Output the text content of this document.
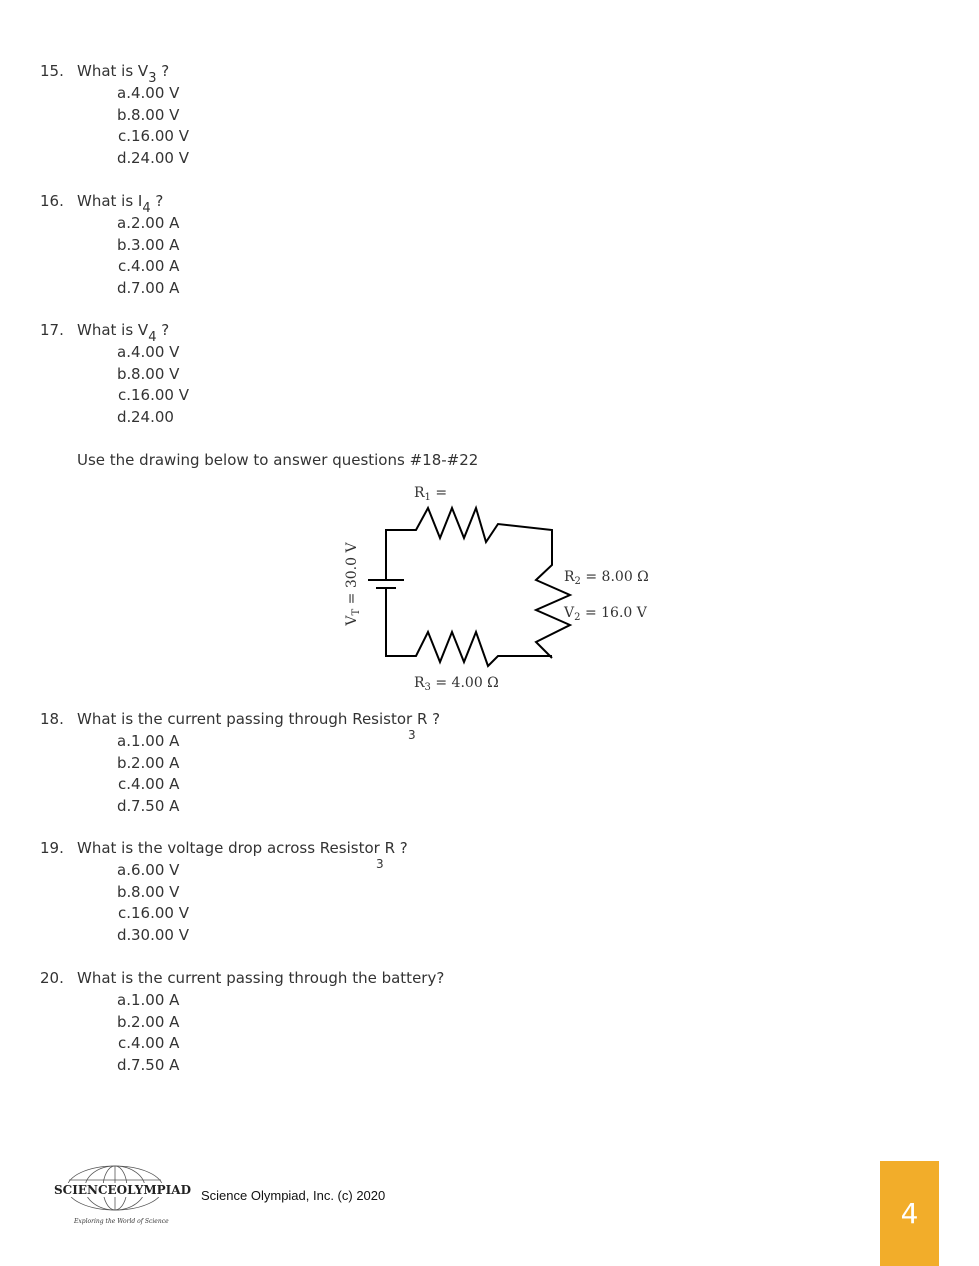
15. What is V3 ?
a.4.00 V
b.8.00 V
c.16.00 V
d.24.00 V
16. What is I4 ?
a.2.00 A
b.3.00 A
c.4.00 A
d.7.00 A
17. What is V4 ?
a.4.00 V
b.8.00 V
c.16.00 V
d.24.00
Use the drawing below to answer questions #18-#22
$R_1$ =
$R_2 = 8.00$ Ω
$V_2 = 16.0$ V
$R_3 = 4.00$ Ω
$V_T = 30.0$ V
18. What is the current passing through Resistor R ?
a.1.00 A
b.2.00 A
c.4.00 A
d.7.50 A
3
19. What is the voltage drop across Resistor R ?
a.6.00 V
b.8.00 V
c.16.00 V
d.30.00 V
3
20. What is the current passing through the battery?
a.1.00 A
b.2.00 A
c.4.00 A
d.7.50 A
SCIENCEOLYMPIAD
Exploring the World of Science
Science Olympiad, Inc. (c) 2020
4
